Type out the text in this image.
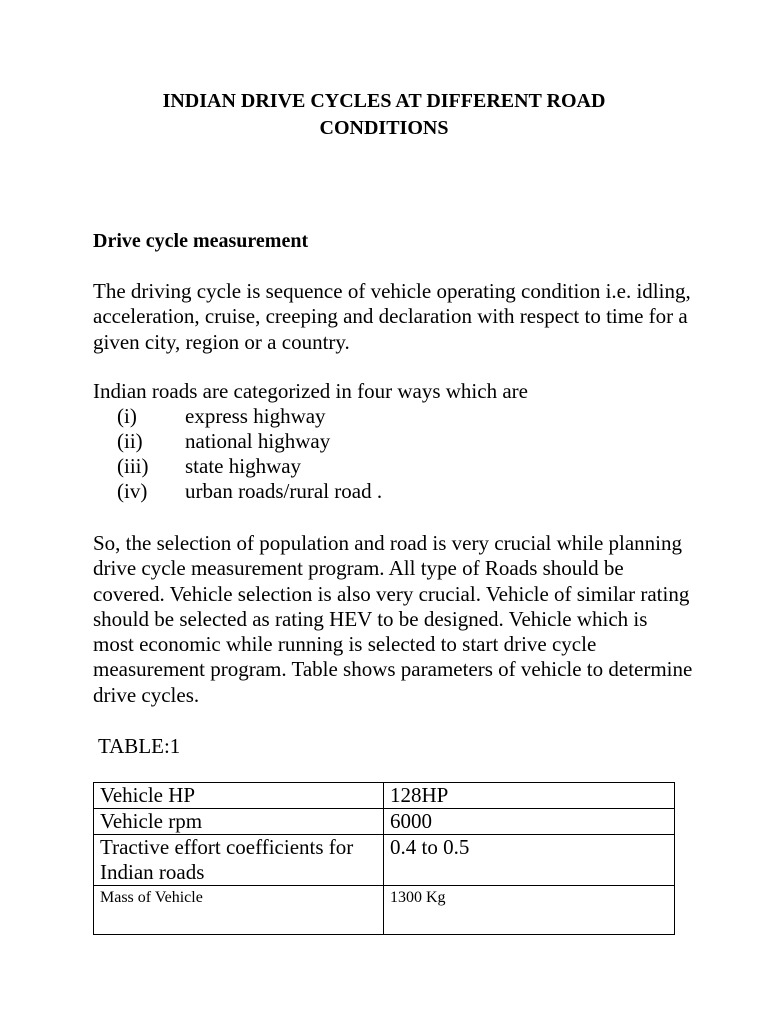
INDIAN DRIVE CYCLES AT DIFFERENT ROAD
CONDITIONS
Drive cycle measurement

The driving cycle is sequence of vehicle operating condition i.e. idling, acceleration, cruise, creeping and declaration with respect to time for a given city, region or a country.

Indian roads are categorized in four ways which are

(i)	express highway
(ii)	national highway
(iii)	state highway
(iv)	urban roads/rural road .

So, the selection of population and road is very crucial while planning drive cycle measurement program. All type of Roads should be covered. Vehicle selection is also very crucial. Vehicle of similar rating should be selected as rating HEV to be designed. Vehicle which is most economic while running is selected to start drive cycle measurement program. Table shows parameters of vehicle to determine drive cycles.

TABLE:1
Vehicle HP	128HP
Vehicle rpm	6000
Tractive effort coefficients for Indian roads	0.4 to 0.5
Mass of Vehicle	1300 Kg
